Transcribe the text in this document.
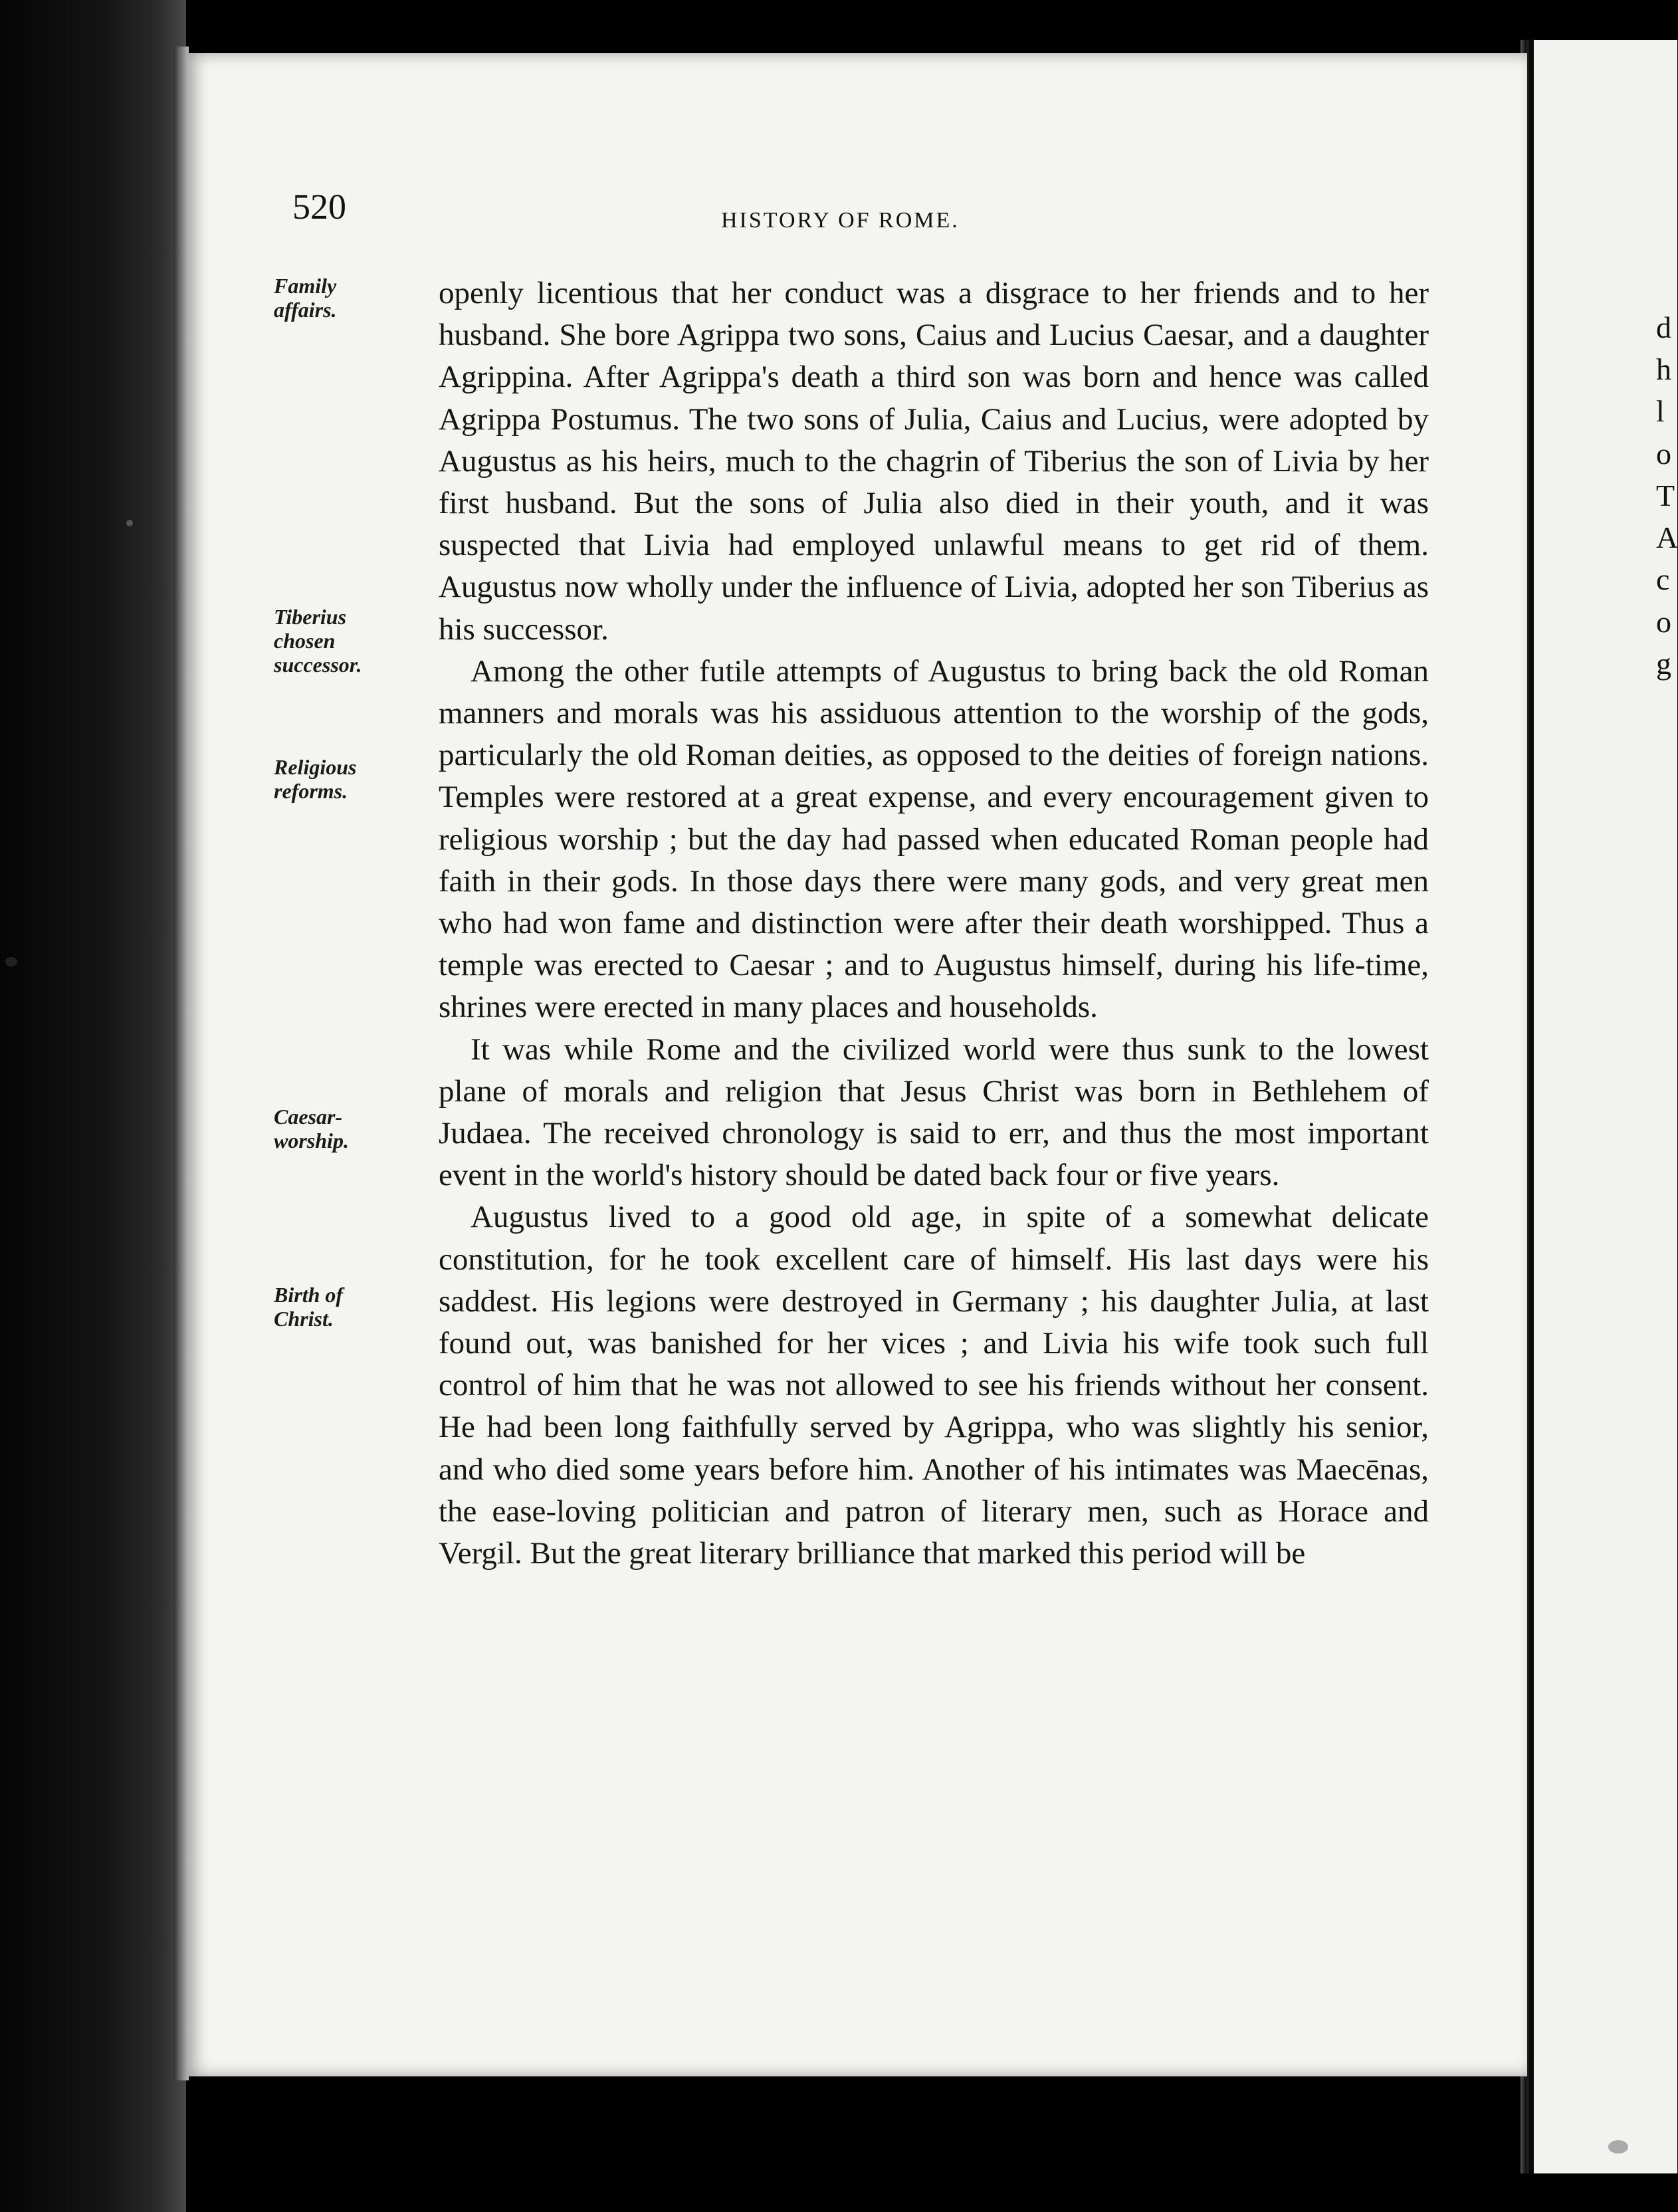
d
h
l
o
T
A
c
o
g
520	HISTORY OF ROME.
Family
affairs.
Tiberius
chosen
successor.
Religious
reforms.
Caesar-
worship.
Birth of
Christ.

openly licentious that her conduct was a disgrace to her friends and to her husband. She bore Agrippa two sons, Caius and Lucius Caesar, and a daughter Agrippina. After Agrippa's death a third son was born and hence was called Agrippa Postumus. The two sons of Julia, Caius and Lucius, were adopted by Augustus as his heirs, much to the chagrin of Tiberius the son of Livia by her first husband. But the sons of Julia also died in their youth, and it was suspected that Livia had employed unlawful means to get rid of them. Augustus now wholly under the influence of Livia, adopted her son Tiberius as his successor.

Among the other futile attempts of Augustus to bring back the old Roman manners and morals was his assiduous attention to the worship of the gods, particularly the old Roman deities, as opposed to the deities of foreign nations. Temples were restored at a great expense, and every encouragement given to religious worship ; but the day had passed when educated Roman people had faith in their gods. In those days there were many gods, and very great men who had won fame and distinction were after their death worshipped. Thus a temple was erected to Caesar ; and to Augustus himself, during his life-time, shrines were erected in many places and households.

It was while Rome and the civilized world were thus sunk to the lowest plane of morals and religion that Jesus Christ was born in Bethlehem of Judaea. The received chronology is said to err, and thus the most important event in the world's history should be dated back four or five years.

Augustus lived to a good old age, in spite of a somewhat delicate constitution, for he took excellent care of himself. His last days were his saddest. His legions were destroyed in Germany ; his daughter Julia, at last found out, was banished for her vices ; and Livia his wife took such full control of him that he was not allowed to see his friends without her consent. He had been long faithfully served by Agrippa, who was slightly his senior, and who died some years before him. Another of his intimates was Maecēnas, the ease-loving politician and patron of literary men, such as Horace and Vergil. But the great literary brilliance that marked this period will be
